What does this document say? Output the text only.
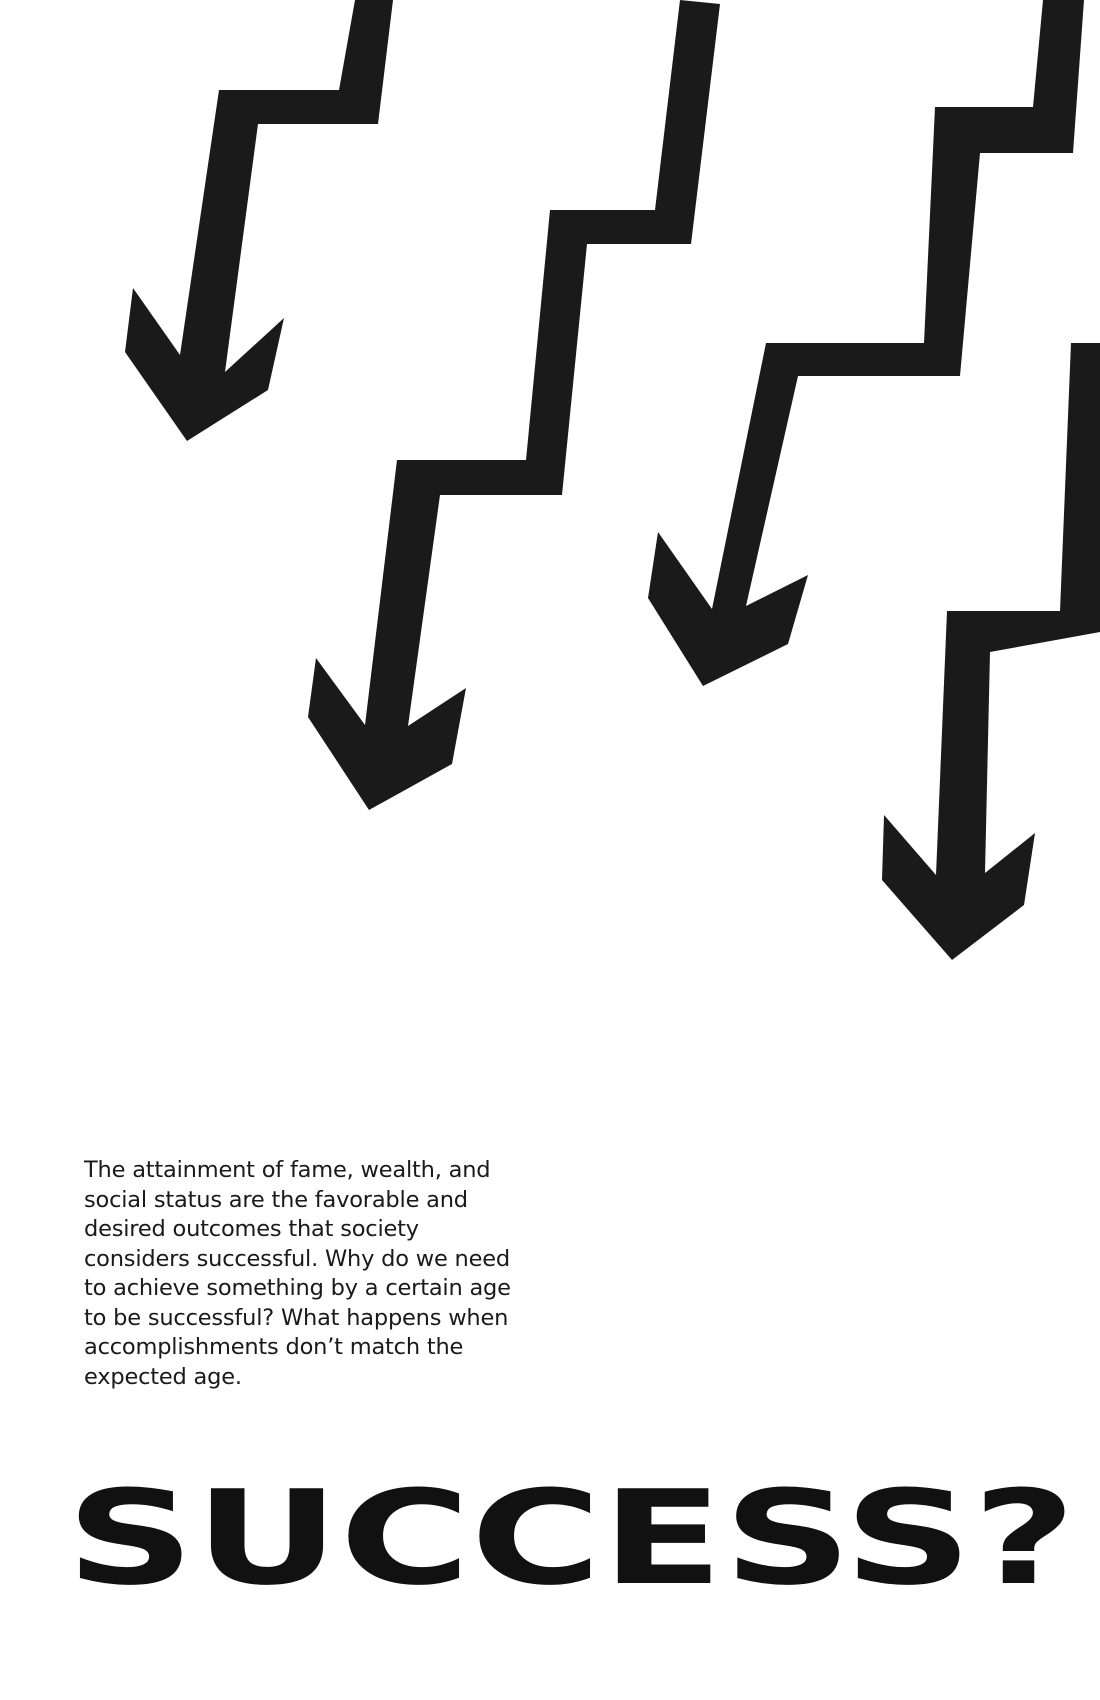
The attainment of fame, wealth, and social status are the favorable and desired outcomes that society considers successful. Why do we need to achieve something by a certain age to be successful? What happens when accomplishments don’t match the expected age.

SUCCESS?
